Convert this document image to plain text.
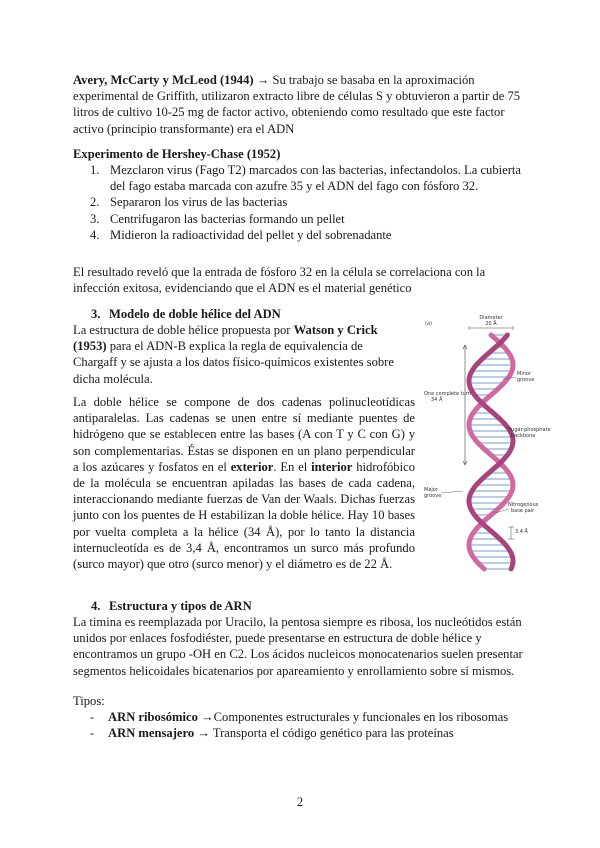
Avery, McCarty y McLeod (1944) → Su trabajo se basaba en la aproximación experimental de Griffith, utilizaron extracto libre de células S y obtuvieron a partir de 75 litros de cultivo 10-25 mg de factor activo, obteniendo como resultado que este factor activo (principio transformante) era el ADN

Experimento de Hershey-Chase (1952)

1. Mezclaron virus (Fago T2) marcados con las bacterias, infectandolos. La cubierta del fago estaba marcada con azufre 35 y el ADN del fago con fósforo 32.
2. Separaron los virus de las bacterias
3. Centrifugaron las bacterias formando un pellet
4. Midieron la radioactividad del pellet y del sobrenadante

El resultado reveló que la entrada de fósforo 32 en la célula se correlaciona con la infección exitosa, evidenciando que el ADN es el material genético

3. Modelo de doble hélice del ADN

La estructura de doble hélice propuesta por Watson y Crick (1953) para el ADN-B explica la regla de equivalencia de Chargaff y se ajusta a los datos físico-químicos existentes sobre dicha molécula.

La doble hélice se compone de dos cadenas polinucleotídicas antiparalelas. Las cadenas se unen entre sí mediante puentes de hidrógeno que se establecen entre las bases (A con T y C con G) y son complementarias. Éstas se disponen en un plano perpendicular a los azúcares y fosfatos en el exterior. En el interior hidrofóbico de la molécula se encuentran apiladas las bases de cada cadena, interaccionando mediante fuerzas de Van der Waals. Dichas fuerzas junto con los puentes de H estabilizan la doble hélice. Hay 10 bases por vuelta completa a la hélice (34 Å), por lo tanto la distancia internucleotída es de 3,4 Å, encontramos un surco más profundo (surco mayor) que otro (surco menor) y el diámetro es de 22 Å.

(a)
Diameter
20 Å
One complete turn
34 Å
Minor
groove
Sugar-phosphate
backbone
Major
groove
Nitrogenous
base pair
3.4 Å

4. Estructura y tipos de ARN

La timina es reemplazada por Uracilo, la pentosa siempre es ribosa, los nucleótidos están unidos por enlaces fosfodiéster, puede presentarse en estructura de doble hélice y encontramos un grupo -OH en C2. Los ácidos nucleicos monocatenarios suelen presentar segmentos helicoidales bicatenarios por apareamiento y enrollamiento sobre sí mismos.

Tipos:

- ARN ribosómico →Componentes estructurales y funcionales en los ribosomas
- ARN mensajero → Transporta el código genético para las proteínas
2
